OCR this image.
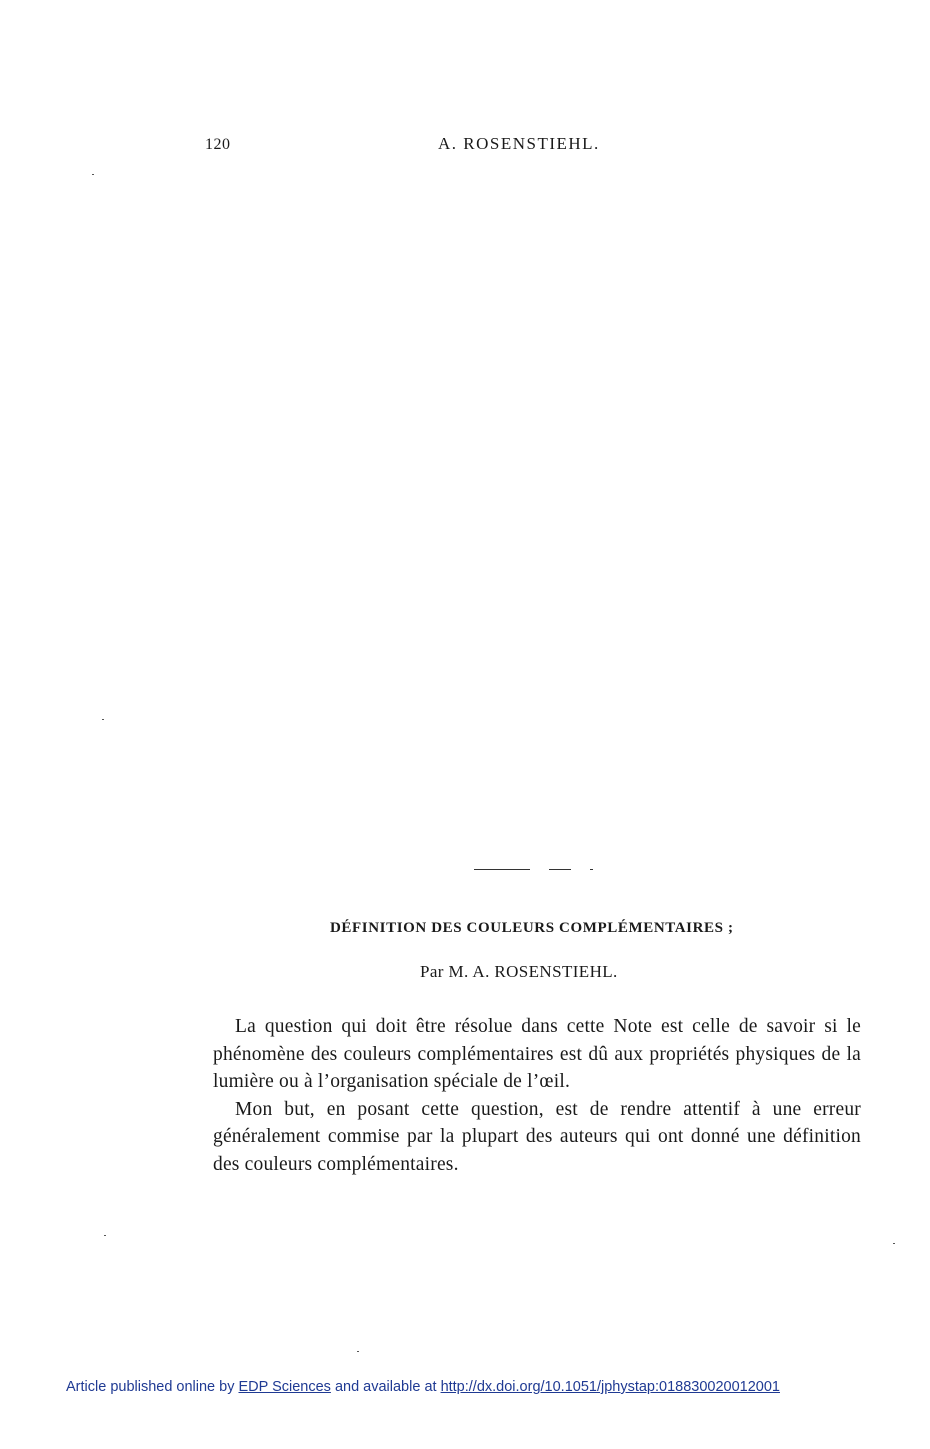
120	A. ROSENSTIEHL.
DÉFINITION DES COULEURS COMPLÉMENTAIRES ;
Par M. A. ROSENSTIEHL.

La question qui doit être résolue dans cette Note est celle de savoir si le phénomène des couleurs complémentaires est dû aux propriétés physiques de la lumière ou à l’organisation spéciale de l’œil.

Mon but, en posant cette question, est de rendre attentif à une erreur généralement commise par la plupart des auteurs qui ont donné une définition des couleurs complémentaires.

Article published online by EDP Sciences and available at http://dx.doi.org/10.1051/jphystap:018830020012001
